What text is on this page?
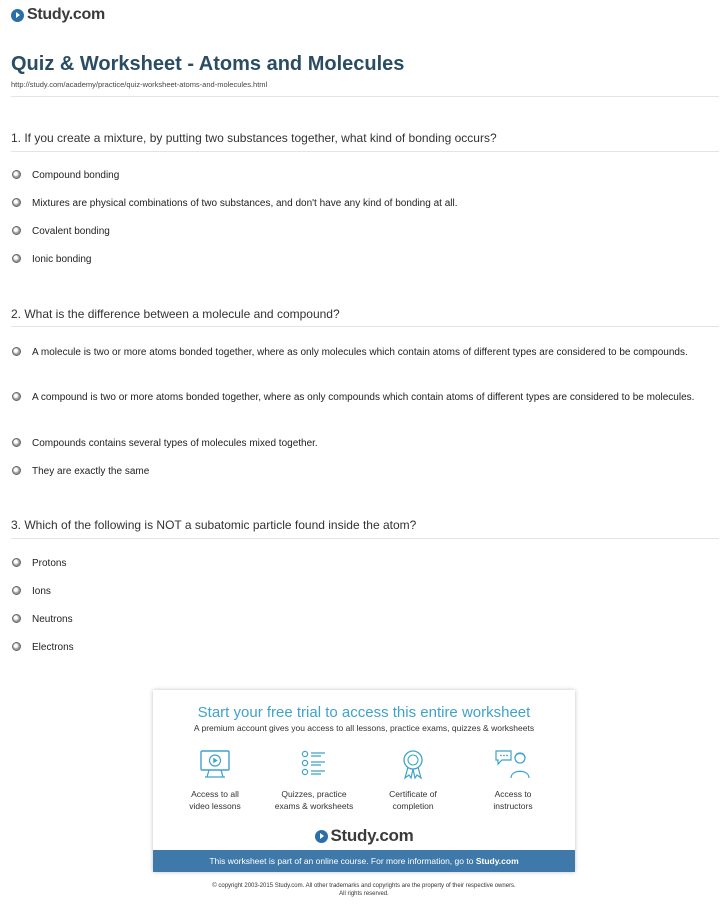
Study.com
Quiz & Worksheet - Atoms and Molecules
http://study.com/academy/practice/quiz-worksheet-atoms-and-molecules.html
1. If you create a mixture, by putting two substances together, what kind of bonding occurs?
Compound bonding
Mixtures are physical combinations of two substances, and don't have any kind of bonding at all.
Covalent bonding
Ionic bonding
2. What is the difference between a molecule and compound?
A molecule is two or more atoms bonded together, where as only molecules which contain atoms of different types are considered to be compounds.
A compound is two or more atoms bonded together, where as only compounds which contain atoms of different types are considered to be molecules.
Compounds contains several types of molecules mixed together.
They are exactly the same
3. Which of the following is NOT a subatomic particle found inside the atom?
Protons
Ions
Neutrons
Electrons
Start your free trial to access this entire worksheet
A premium account gives you access to all lessons, practice exams, quizzes & worksheets
Access to all
video lessons
Quizzes, practice
exams & worksheets
Certificate of
completion
Access to
instructors
Study.com
This worksheet is part of an online course. For more information, go to Study.com
© copyright 2003-2015 Study.com. All other trademarks and copyrights are the property of their respective owners.
All rights reserved.
